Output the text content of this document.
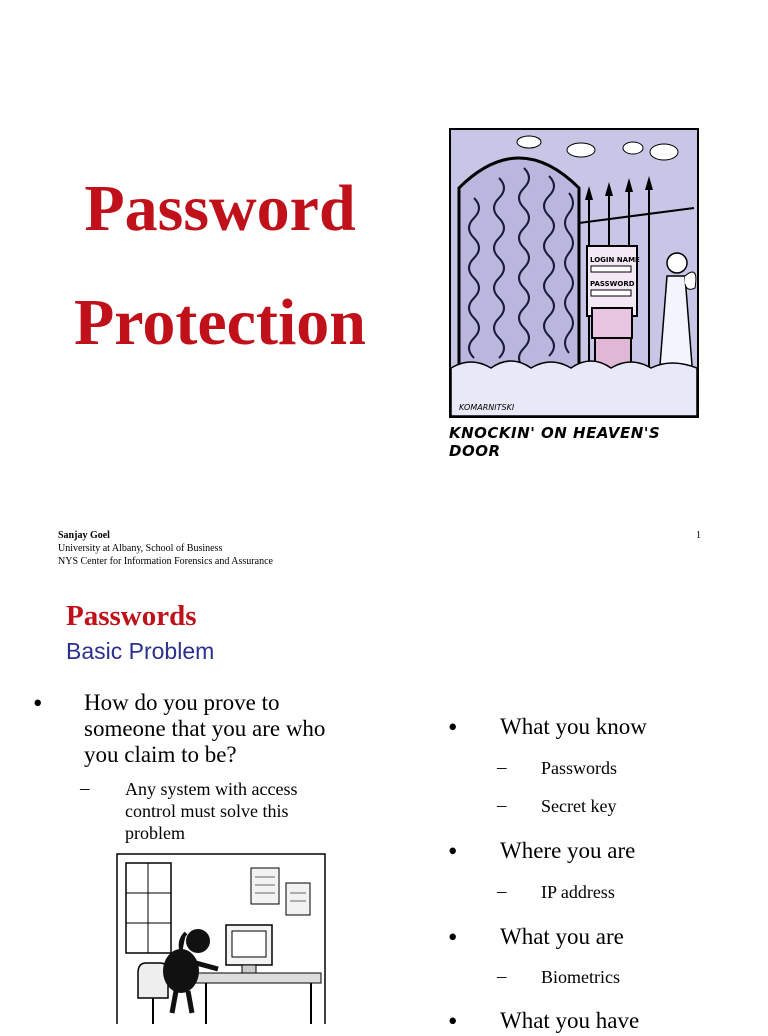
Password
Protection
LOGIN NAME
PASSWORD
KOMARNITSKI
KNOCKIN' ON HEAVEN'S DOOR
Sanjay Goel
University at Albany, School of Business
NYS Center for Information Forensics and Assurance
1
Passwords
Basic Problem
• How do you prove to
someone that you are who
you claim to be?
– Any system with access
control must solve this
problem
• What you know
– Passwords
– Secret key
• Where you are
– IP address
• What you are
– Biometrics
• What you have
